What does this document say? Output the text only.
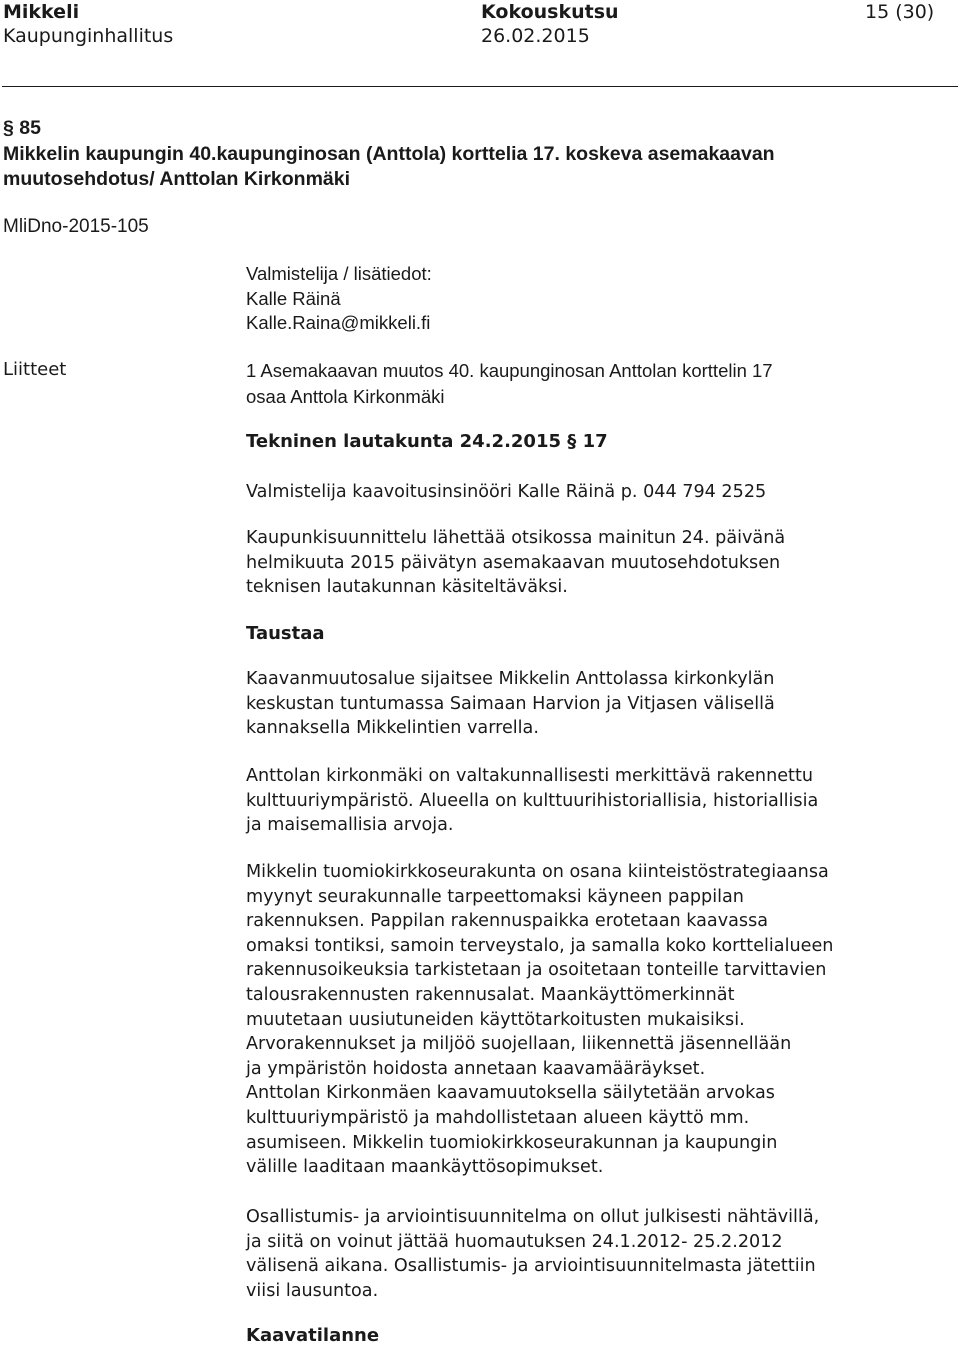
Mikkeli	Kokouskutsu	15 (30)
Kaupunginhallitus	26.02.2015
§ 85
Mikkelin kaupungin 40.kaupunginosan (Anttola) korttelia 17. koskeva asemakaavan
muutosehdotus/ Anttolan Kirkonmäki
MliDno-2015-105
Valmistelija / lisätiedot:
Kalle Räinä
Kalle.Raina@mikkeli.fi
Liitteet	1 Asemakaavan muutos 40. kaupunginosan Anttolan korttelin 17
osaa Anttola Kirkonmäki
Tekninen lautakunta 24.2.2015 § 17
Valmistelija kaavoitusinsinööri Kalle Räinä p. 044 794 2525
Kaupunkisuunnittelu lähettää otsikossa mainitun 24. päivänä
helmikuuta 2015 päivätyn asemakaavan muutosehdotuksen
teknisen lautakunnan käsiteltäväksi.
Taustaa
Kaavanmuutosalue sijaitsee Mikkelin Anttolassa kirkonkylän
keskustan tuntumassa Saimaan Harvion ja Vitjasen välisellä
kannaksella Mikkelintien varrella.
Anttolan kirkonmäki on valtakunnallisesti merkittävä rakennettu
kulttuuriympäristö. Alueella on kulttuurihistoriallisia, historiallisia
ja maisemallisia arvoja.
Mikkelin tuomiokirkkoseurakunta on osana kiinteistöstrategiaansa
myynyt seurakunnalle tarpeettomaksi käyneen pappilan
rakennuksen. Pappilan rakennuspaikka erotetaan kaavassa
omaksi tontiksi, samoin terveystalo, ja samalla koko korttelialueen
rakennusoikeuksia tarkistetaan ja osoitetaan tonteille tarvittavien
talousrakennusten rakennusalat. Maankäyttömerkinnät
muutetaan uusiutuneiden käyttötarkoitusten mukaisiksi.
Arvorakennukset ja miljöö suojellaan, liikennettä jäsennellään
ja ympäristön hoidosta annetaan kaavamääräykset.
Anttolan Kirkonmäen kaavamuutoksella säilytetään arvokas
kulttuuriympäristö ja mahdollistetaan alueen käyttö mm.
asumiseen. Mikkelin tuomiokirkkoseurakunnan ja kaupungin
välille laaditaan maankäyttösopimukset.
Osallistumis- ja arviointisuunnitelma on ollut julkisesti nähtävillä,
ja siitä on voinut jättää huomautuksen 24.1.2012- 25.2.2012
välisenä aikana. Osallistumis- ja arviointisuunnitelmasta jätettiin
viisi lausuntoa.
Kaavatilanne
